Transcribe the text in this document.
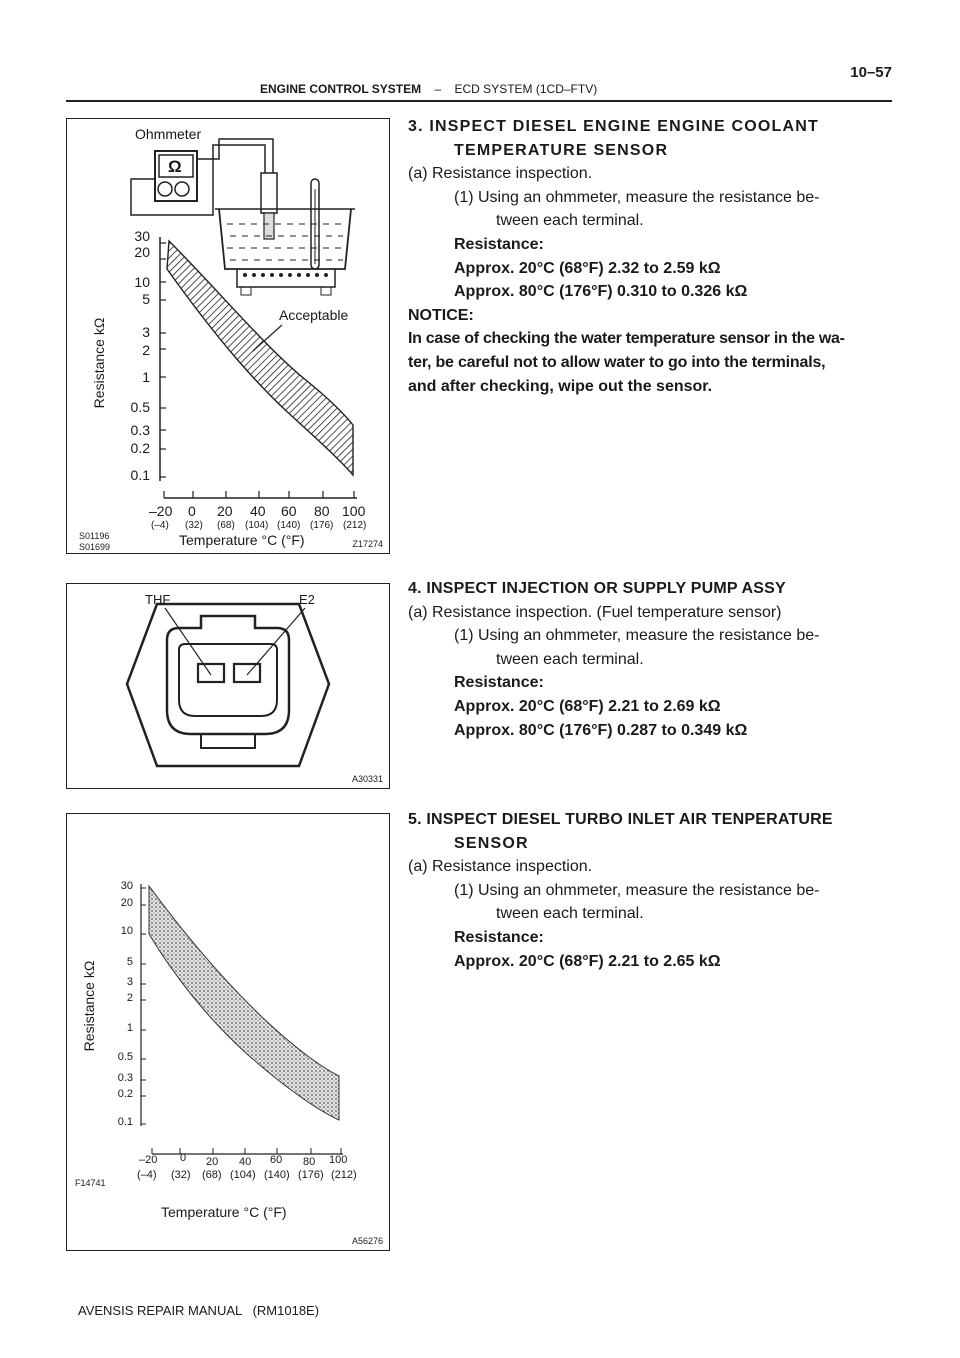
ENGINE CONTROL SYSTEM – ECD SYSTEM (1CD–FTV)
10–57
Ohmmeter
Ω
Resistance kΩ
30
20
10
5
3
2
1
0.5
0.3
0.2
0.1
–20 0 20 40 60 80 100
(–4) (32) (68) (104) (140) (176) (212)
Temperature °C (°F)
Acceptable
S01196
S01699	Z17274
THF	E2
A30331
Resistance kΩ
30
20
10
5
3
2
1
0.5
0.3
0.2
0.1
–20 0 20 40 60 80 100
(–4) (32) (68) (104) (140) (176) (212)
Temperature °C (°F)
F14741
A56276
3. INSPECT DIESEL ENGINE ENGINE COOLANT
TEMPERATURE SENSOR
(a) Resistance inspection.
(1) Using an ohmmeter, measure the resistance be-
tween each terminal.
Resistance:
Approx. 20°C (68°F) 2.32 to 2.59 kΩ
Approx. 80°C (176°F) 0.310 to 0.326 kΩ
NOTICE:
In case of checking the water temperature sensor in the wa-
ter, be careful not to allow water to go into the terminals,
and after checking, wipe out the sensor.
4. INSPECT INJECTION OR SUPPLY PUMP ASSY
(a) Resistance inspection. (Fuel temperature sensor)
(1) Using an ohmmeter, measure the resistance be-
tween each terminal.
Resistance:
Approx. 20°C (68°F) 2.21 to 2.69 kΩ
Approx. 80°C (176°F) 0.287 to 0.349 kΩ
5. INSPECT DIESEL TURBO INLET AIR TENPERATURE
SENSOR
(a) Resistance inspection.
(1) Using an ohmmeter, measure the resistance be-
tween each terminal.
Resistance:
Approx. 20°C (68°F) 2.21 to 2.65 kΩ
AVENSIS REPAIR MANUAL   (RM1018E)
